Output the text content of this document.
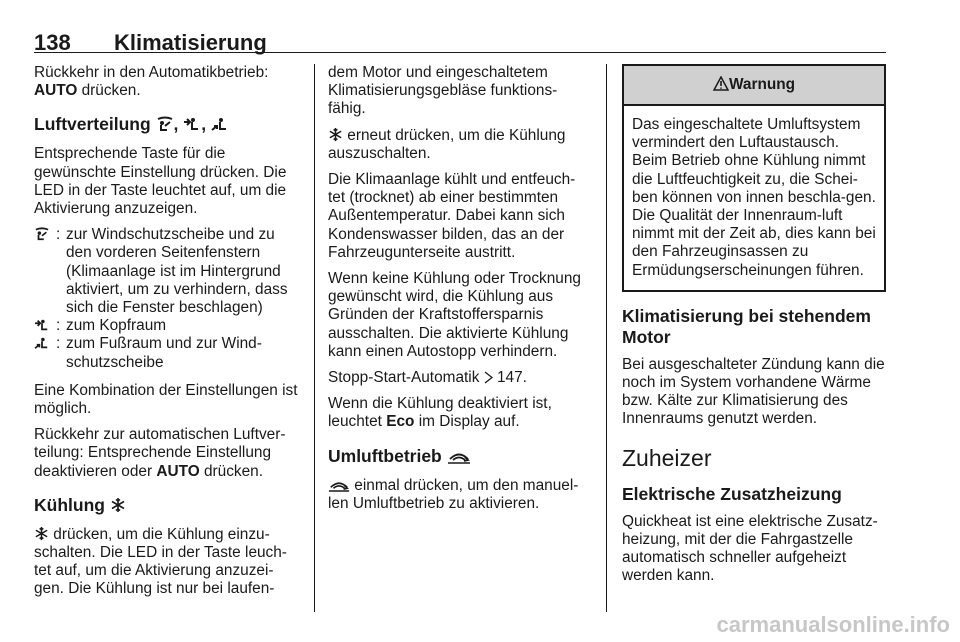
138 Klimatisierung

Rückkehr in den Automatikbetrieb:
AUTO drücken.

Luftverteilung , ,

Entsprechende Taste für die gewünschte Einstellung drücken. Die LED in der Taste leuchtet auf, um die Aktivierung anzuzeigen.

: zur Windschutzscheibe und zu den vorderen Seitenfenstern (Klimaanlage ist im Hintergrund aktiviert, um zu verhindern, dass sich die Fenster beschlagen)
: zum Kopfraum
: zum Fußraum und zur Wind-schutzscheibe

Eine Kombination der Einstellungen ist möglich.

Rückkehr zur automatischen Luftver-teilung: Entsprechende Einstellung deaktivieren oder AUTO drücken.

Kühlung

drücken, um die Kühlung einzu-schalten. Die LED in der Taste leuch-tet auf, um die Aktivierung anzuzei-gen. Die Kühlung ist nur bei laufen-

dem Motor und eingeschaltetem Klimatisierungsgebläse funktions-fähig.

erneut drücken, um die Kühlung auszuschalten.

Die Klimaanlage kühlt und entfeuch-tet (trocknet) ab einer bestimmten Außentemperatur. Dabei kann sich Kondenswasser bilden, das an der Fahrzeugunterseite austritt.

Wenn keine Kühlung oder Trocknung gewünscht wird, die Kühlung aus Gründen der Kraftstoffersparnis ausschalten. Die aktivierte Kühlung kann einen Autostopp verhindern.

Stopp-Start-Automatik  147.

Wenn die Kühlung deaktiviert ist, leuchtet Eco im Display auf.

Umluftbetrieb

einmal drücken, um den manuel-len Umluftbetrieb zu aktivieren.

Warnung
Das eingeschaltete Umluftsystem vermindert den Luftaustausch. Beim Betrieb ohne Kühlung nimmt die Luftfeuchtigkeit zu, die Schei-ben können von innen beschla-gen. Die Qualität der Innenraum-luft nimmt mit der Zeit ab, dies kann bei den Fahrzeuginsassen zu Ermüdungserscheinungen führen.
Klimatisierung bei stehendem Motor

Bei ausgeschalteter Zündung kann die noch im System vorhandene Wärme bzw. Kälte zur Klimatisierung des Innenraums genutzt werden.

Zuheizer
Elektrische Zusatzheizung

Quickheat ist eine elektrische Zusatz-heizung, mit der die Fahrgastzelle automatisch schneller aufgeheizt werden kann.

carmanualsonline.info
